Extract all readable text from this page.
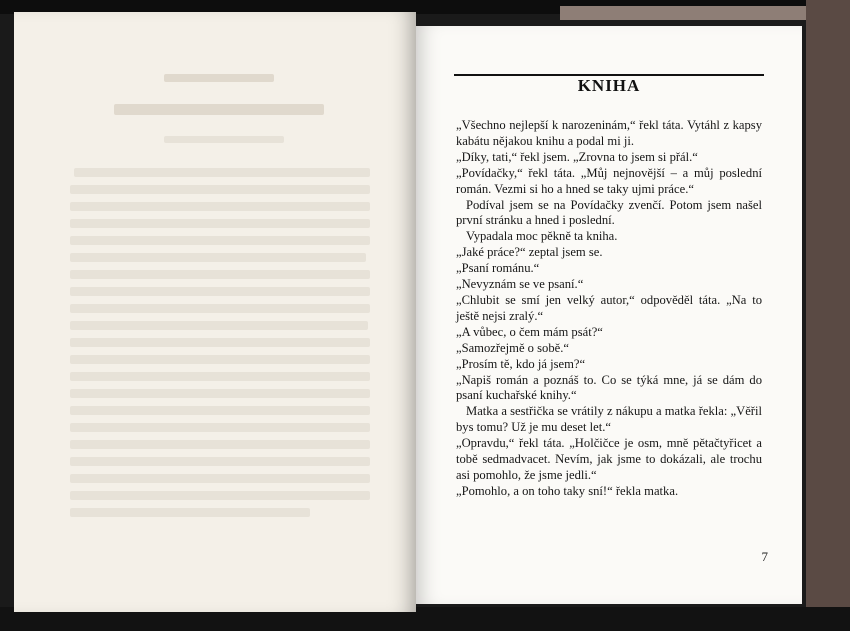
KNIHA

„Všechno nejlepší k narozeninám,“ řekl táta. Vytáhl z kapsy kabátu nějakou knihu a podal mi ji.

„Díky, tati,“ řekl jsem. „Zrovna to jsem si přál.“

„Povídačky,“ řekl táta. „Můj nejnovější – a můj poslední román. Vezmi si ho a hned se taky ujmi práce.“

Podíval jsem se na Povídačky zvenčí. Potom jsem našel první stránku a hned i poslední.

Vypadala moc pěkně ta kniha.

„Jaké práce?“ zeptal jsem se.

„Psaní románu.“

„Nevyznám se ve psaní.“

„Chlubit se smí jen velký autor,“ odpověděl táta. „Na to ještě nejsi zralý.“

„A vůbec, o čem mám psát?“

„Samozřejmě o sobě.“

„Prosím tě, kdo já jsem?“

„Napiš román a poznáš to. Co se týká mne, já se dám do psaní kuchařské knihy.“

Matka a sestřička se vrátily z nákupu a matka řekla: „Věřil bys tomu? Už je mu deset let.“

„Opravdu,“ řekl táta. „Holčičce je osm, mně pětačtyřicet a tobě sedmadvacet. Nevím, jak jsme to dokázali, ale trochu asi pomohlo, že jsme jedli.“

„Pomohlo, a on toho taky sní!“ řekla matka.

7
